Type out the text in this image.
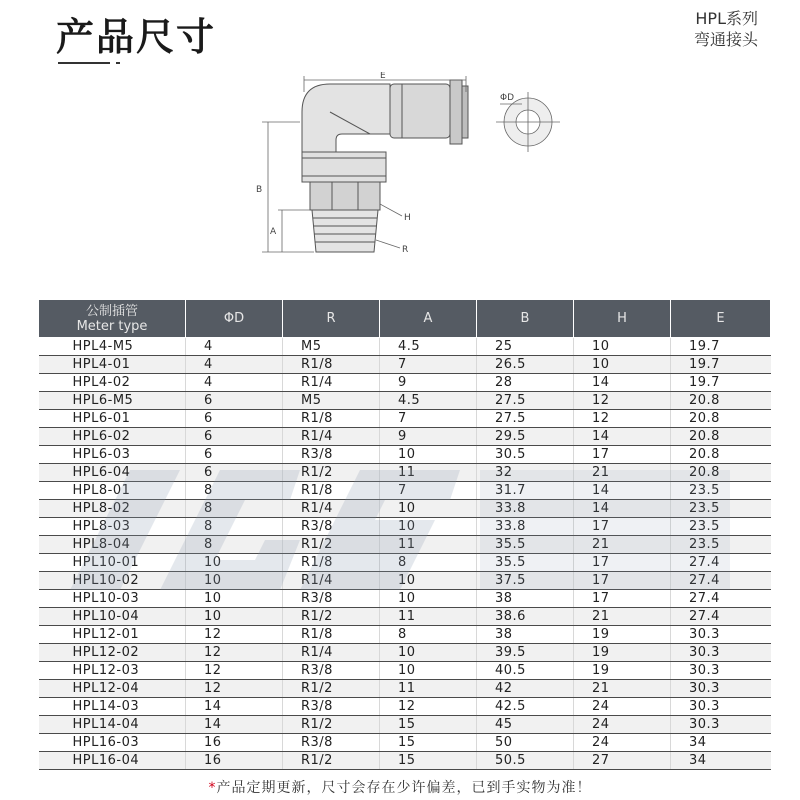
产品尺寸	HPL系列
弯通接头
E
B
A
H
R
ΦD
公制插管
Meter type	ΦD	R	A	B	H	E
HPL4-M5	4	M5	4.5	25	10	19.7
HPL4-01	4	R1/8	7	26.5	10	19.7
HPL4-02	4	R1/4	9	28	14	19.7
HPL6-M5	6	M5	4.5	27.5	12	20.8
HPL6-01	6	R1/8	7	27.5	12	20.8
HPL6-02	6	R1/4	9	29.5	14	20.8
HPL6-03	6	R3/8	10	30.5	17	20.8
HPL6-04	6	R1/2	11	32	21	20.8
HPL8-01	8	R1/8	7	31.7	14	23.5
HPL8-02	8	R1/4	10	33.8	14	23.5
HPL8-03	8	R3/8	10	33.8	17	23.5
HPL8-04	8	R1/2	11	35.5	21	23.5
HPL10-01	10	R1/8	8	35.5	17	27.4
HPL10-02	10	R1/4	10	37.5	17	27.4
HPL10-03	10	R3/8	10	38	17	27.4
HPL10-04	10	R1/2	11	38.6	21	27.4
HPL12-01	12	R1/8	8	38	19	30.3
HPL12-02	12	R1/4	10	39.5	19	30.3
HPL12-03	12	R3/8	10	40.5	19	30.3
HPL12-04	12	R1/2	11	42	21	30.3
HPL14-03	14	R3/8	12	42.5	24	30.3
HPL14-04	14	R1/2	15	45	24	30.3
HPL16-03	16	R3/8	15	50	24	34
HPL16-04	16	R1/2	15	50.5	27	34
*产品定期更新，尺寸会存在少许偏差，已到手实物为准！
